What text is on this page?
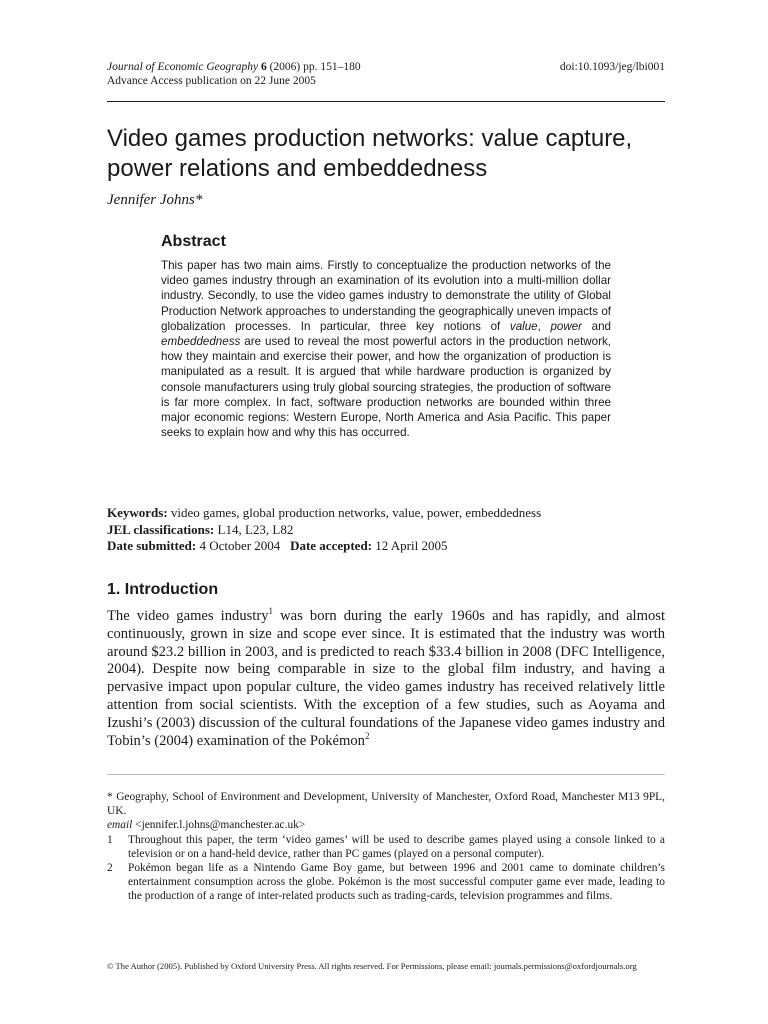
Journal of Economic Geography 6 (2006) pp. 151–180
Advance Access publication on 22 June 2005
doi:10.1093/jeg/lbi001
Video games production networks: value capture, power relations and embeddedness
Jennifer Johns*
Abstract

This paper has two main aims. Firstly to conceptualize the production networks of the video games industry through an examination of its evolution into a multi-million dollar industry. Secondly, to use the video games industry to demonstrate the utility of Global Production Network approaches to understanding the geographically uneven impacts of globalization processes. In particular, three key notions of value, power and embeddedness are used to reveal the most powerful actors in the production network, how they maintain and exercise their power, and how the organization of production is manipulated as a result. It is argued that while hardware production is organized by console manufacturers using truly global sourcing strategies, the production of software is far more complex. In fact, software production networks are bounded within three major economic regions: Western Europe, North America and Asia Pacific. This paper seeks to explain how and why this has occurred.

Keywords: video games, global production networks, value, power, embeddedness
JEL classifications: L14, L23, L82
Date submitted: 4 October 2004 Date accepted: 12 April 2005
1. Introduction

The video games industry$^1$ was born during the early 1960s and has rapidly, and almost continuously, grown in size and scope ever since. It is estimated that the industry was worth around $23.2 billion in 2003, and is predicted to reach $33.4 billion in 2008 (DFC Intelligence, 2004). Despite now being comparable in size to the global film industry, and having a pervasive impact upon popular culture, the video games industry has received relatively little attention from social scientists. With the exception of a few studies, such as Aoyama and Izushi’s (2003) discussion of the cultural foundations of the Japanese video games industry and Tobin’s (2004) examination of the Pokémon$^2$

* Geography, School of Environment and Development, University of Manchester, Oxford Road, Manchester M13 9PL, UK.

email <jennifer.l.johns@manchester.ac.uk>

1	Throughout this paper, the term ‘video games’ will be used to describe games played using a console linked to a television or on a hand-held device, rather than PC games (played on a personal computer).
2	Pokémon began life as a Nintendo Game Boy game, but between 1996 and 2001 came to dominate children’s entertainment consumption across the globe. Pokémon is the most successful computer game ever made, leading to the production of a range of inter-related products such as trading-cards, television programmes and films.
© The Author (2005). Published by Oxford University Press. All rights reserved. For Permissions, please email: journals.permissions@oxfordjournals.org
